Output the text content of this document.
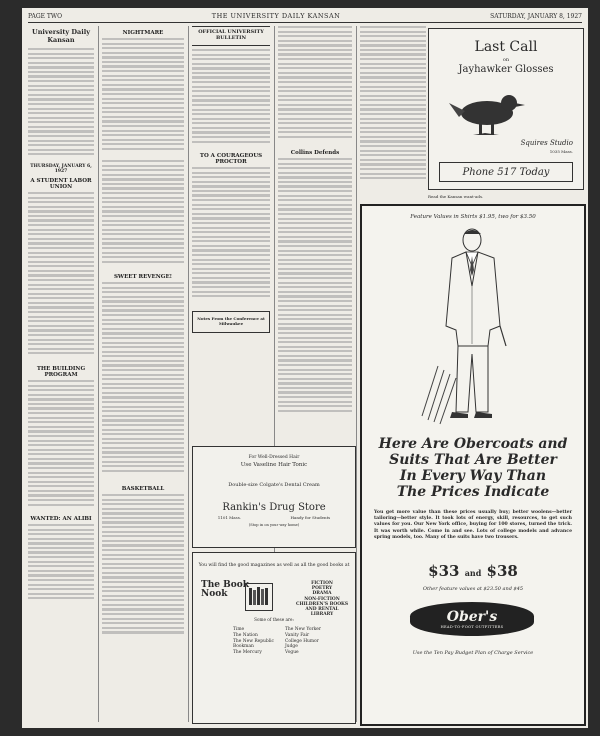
PAGE TWO	THE UNIVERSITY DAILY KANSAN	SATURDAY, JANUARY 8, 1927
University Daily Kansan
THURSDAY, JANUARY 6, 1927
A STUDENT LABOR UNION
THE BUILDING PROGRAM
WANTED: AN ALIBI
NIGHTMARE
SWEET REVENGE!
BASKETBALL
OFFICIAL UNIVERSITY BULLETIN
TO A COURAGEOUS PROCTOR
Notes From the Conference at Milwaukee
Collins Defends
For Well-Dressed Hair
Use Vaseline Hair Tonic
Double-size Colgate's Dental Cream
Rankin's Drug Store
1101 Mass.	Handy for Students
(Stop in on your way home)
You will find the good magazines as well as all the good books at
The Book
Nook
FICTION
POETRY
DRAMA
NON-FICTION
CHILDREN'S BOOKS
AND RENTAL LIBRARY
Some of these are:
Time
The Nation
The New Republic
Bookman
The Mercury
The New Yorker
Vanity Fair
College Humor
Judge
Vogue
Last Call
on
Jayhawker Glosses
Squires Studio
1035 Mass.
Phone 517 Today
Read the Kansan want-ads.
Feature Values in Shirts $1.95, two for $3.50
Here Are Obercoats and
Suits That Are Better
In Every Way Than
The Prices Indicate
You get more value than these prices usually buy; better woolens—better tailoring—better style. It took lots of energy, skill, resources, to get such values for you. Our New York office, buying for 100 stores, turned the trick. It was worth while. Come in and see. Lots of college models and advance spring models, too. Many of the suits have two trousers.
$33 and $38
Other feature values at $23.50 and $45
Ober's
HEAD-TO-FOOT OUTFITTERS
Use the Ten Pay Budget Plan of Charge Service
